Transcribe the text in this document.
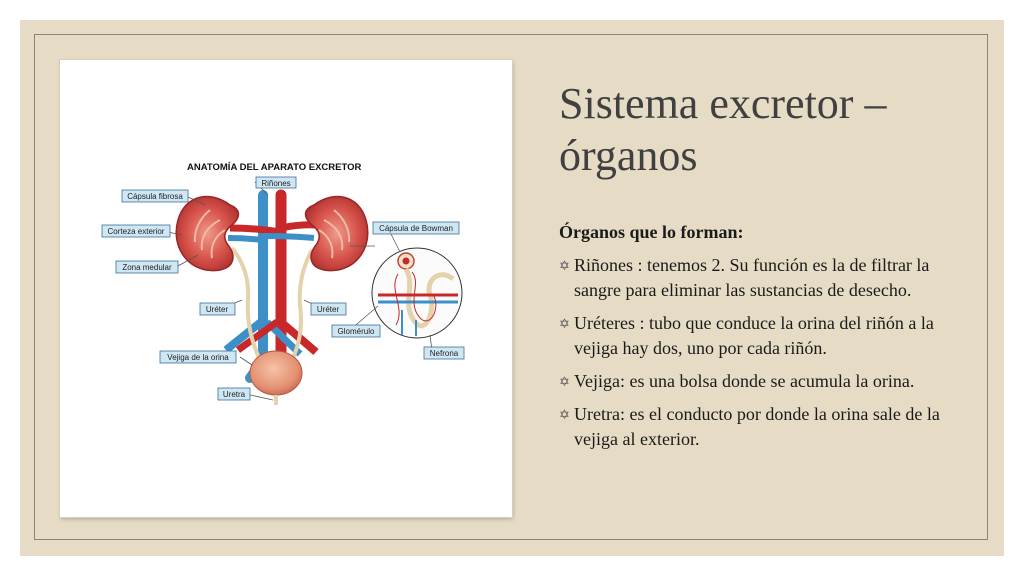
ANATOMÍA DEL APARATO EXCRETOR
Riñones
Cápsula fibrosa
Corteza exterior
Zona medular
Uréter	Uréter
Cápsula de Bowman
Glomérulo
Nefrona
Vejiga de la orina
Uretra
Sistema excretor –
órganos
Órganos que lo forman:
✡ Riñones : tenemos 2. Su función es la de filtrar la sangre para eliminar las sustancias de desecho.
✡ Uréteres : tubo que conduce la orina del riñón a la vejiga hay dos, uno por cada riñón.
✡ Vejiga: es una bolsa donde se acumula la orina.
✡ Uretra: es el conducto por donde la orina sale de la vejiga al exterior.
